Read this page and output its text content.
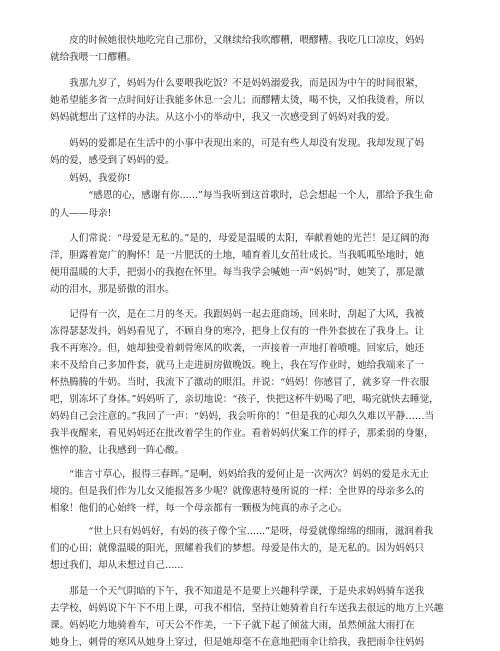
　　皮的时候她很快地吃完自己那份，又继续给我吹醪糟，喂醪糟。我吃几口凉皮，妈妈

就给我喂一口醪糟。

　　我那九岁了，妈妈为什么要喂我吃饭？不是妈妈溺爱我，而是因为中午的时间很紧，

她希望能多省一点时间好让我能多休息一会儿；而醪糟太烫，喝不快，又怕我烫着，所以

妈妈就想出了这样的办法。从这小小的举动中，我又一次感受到了妈妈对我的爱。

　　妈妈的爱都是在生活中的小事中表现出来的，可是有些人却没有发现。我却发现了妈

妈的爱，感受到了妈妈的爱。

　　妈妈，我爱你!

　　　　“感恩的心，感谢有你......”每当我听到这首歌时，总会想起一个人，那给予我生命

的人——母亲!

　　人们常说：“母爱是无私的。”是的，母爱是温暖的太阳，奉献着她的光芒！是辽阔的海

洋，胆露着宽广的胸怀！是一片肥沃的土地，哺育着儿女茁壮成长。当我呱呱坠地时，她

便用温暖的大手，把弱小的我抱在怀里。每当我学会喊她一声“妈妈”时，她笑了，那是激

动的泪水，那是骄傲的泪水。

　　记得有一次，是在二月的冬天。我跟妈妈一起去逛商场，回来时，刮起了大风，我被

冻得瑟瑟发抖，妈妈看见了，不顾自身的寒冷，把身上仅有的一件外套披在了我身上。让

我不再寒冷。但，她却独受着刺骨寒风的吹袭，一声接着一声地打着喷嚏。回家后，她还

来不及给自己多加件套，就马上走进厨房做晚饭。晚上，我在写作业时，她给我端来了一

杯热腾腾的牛奶。当时，我流下了激动的眼泪。并说：“妈妈！你感冒了，就多穿一件衣服

吧，别冻坏了身体。”妈妈听了，亲切地说：“孩子，快把这杯牛奶喝了吧，喝完就快去睡觉，

妈妈自己会注意的。”我回了一声：“妈妈，我会听你的！”但是我的心却久久难以平静……当

我半夜醒来，看见妈妈还在批改着学生的作业。看着妈妈伏案工作的样子，那柔弱的身躯，

憔悴的脸，让我感到一阵心酸。

　　“谁言寸草心，报得三春晖。”是啊，妈妈给我的爱何止是一次两次？妈妈的爱是永无止

境的。但是我们作为儿女又能报答多少呢？就像惠特曼所说的一样：全世界的母亲多么的

相象！他们的心始终一样，每一个母亲都有一颗极为纯真的赤子之心。

　　　　“世上只有妈妈好，有妈的孩子像个宝......”是呀，母爱就像绵绵的细雨，滋润着我

们的心田；就像温暖的阳光，照耀着我们的梦想。母爱是伟大的，是无私的。因为妈妈只

想过我们，却从未想过自己......

　　那是一个天气阴暗的下午，我不知道是不是要上兴趣科学课，于是央求妈妈骑车送我

去学校，妈妈说下午下不用上课，可我不相信，坚持让她骑着自行车送我去很远的地方上兴趣

课。妈妈吃力地骑着车，可天公不作美，一下子就下起了倾盆大雨，虽然倾盆大雨打在

她身上，刺骨的寒风从她身上穿过，但是她却毫不在意地把雨伞让给我，我把雨伞往妈妈
